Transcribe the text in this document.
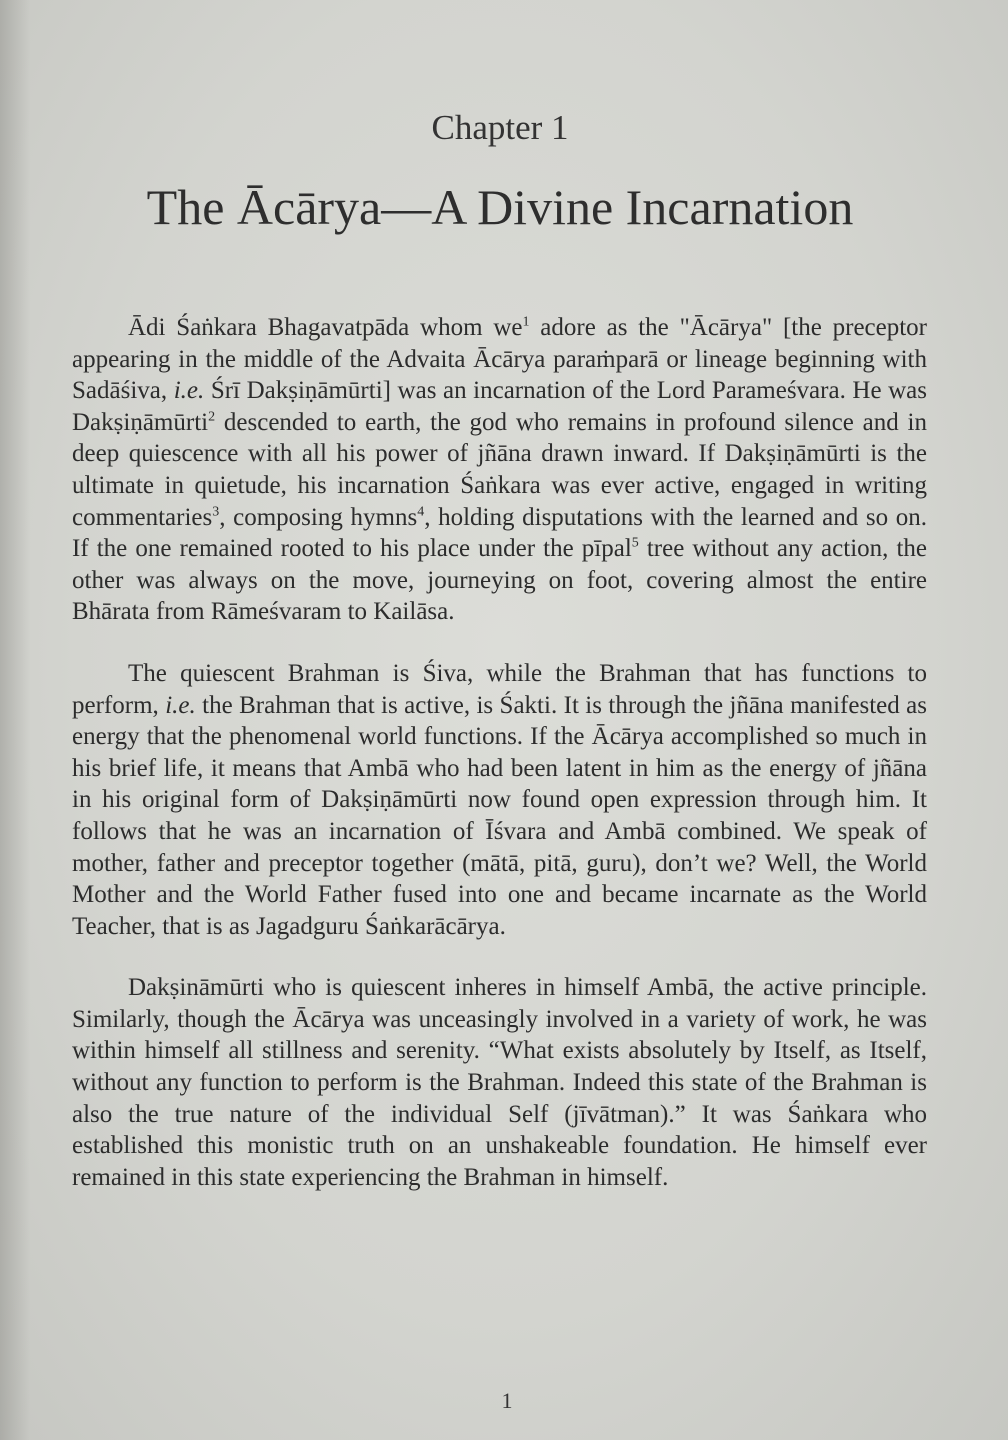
Chapter 1
The Ācārya—A Divine Incarnation

Ādi Śaṅkara Bhagavatpāda whom $we^1$ adore as the "Ācārya" [the preceptor appearing in the middle of the Advaita Ācārya paraṁparā or lineage beginning with Sadāśiva, i.e. Śrī Dakṣiṇāmūrti] was an incarnation of the Lord Parameśvara. He was Dakṣiṇāmūrti$^2$ descended to earth, the god who remains in profound silence and in deep quiescence with all his power of jñāna drawn inward. If Dakṣiṇāmūrti is the ultimate in quietude, his incarnation Śaṅkara was ever active, engaged in writing commentaries$^3$, composing hymns$^4$, holding disputations with the learned and so on. If the one remained rooted to his place under the pīpal$^5$ tree without any action, the other was always on the move, journeying on foot, covering almost the entire Bhārata from Rāmeśvaram to Kailāsa.

The quiescent Brahman is Śiva, while the Brahman that has functions to perform, i.e. the Brahman that is active, is Śakti. It is through the jñāna manifested as energy that the phenomenal world functions. If the Ācārya accomplished so much in his brief life, it means that Ambā who had been latent in him as the energy of jñāna in his original form of Dakṣiṇāmūrti now found open expression through him. It follows that he was an incarnation of Īśvara and Ambā combined. We speak of mother, father and preceptor together (mātā, pitā, guru), don’t we? Well, the World Mother and the World Father fused into one and became incarnate as the World Teacher, that is as Jagadguru Śaṅkarācārya.

Dakṣināmūrti who is quiescent inheres in himself Ambā, the active principle. Similarly, though the Ācārya was unceasingly involved in a variety of work, he was within himself all stillness and serenity. “What exists absolutely by Itself, as Itself, without any function to perform is the Brahman. Indeed this state of the Brahman is also the true nature of the individual Self (jīvātman).” It was Śaṅkara who established this monistic truth on an unshakeable foundation. He himself ever remained in this state experiencing the Brahman in himself.

1
